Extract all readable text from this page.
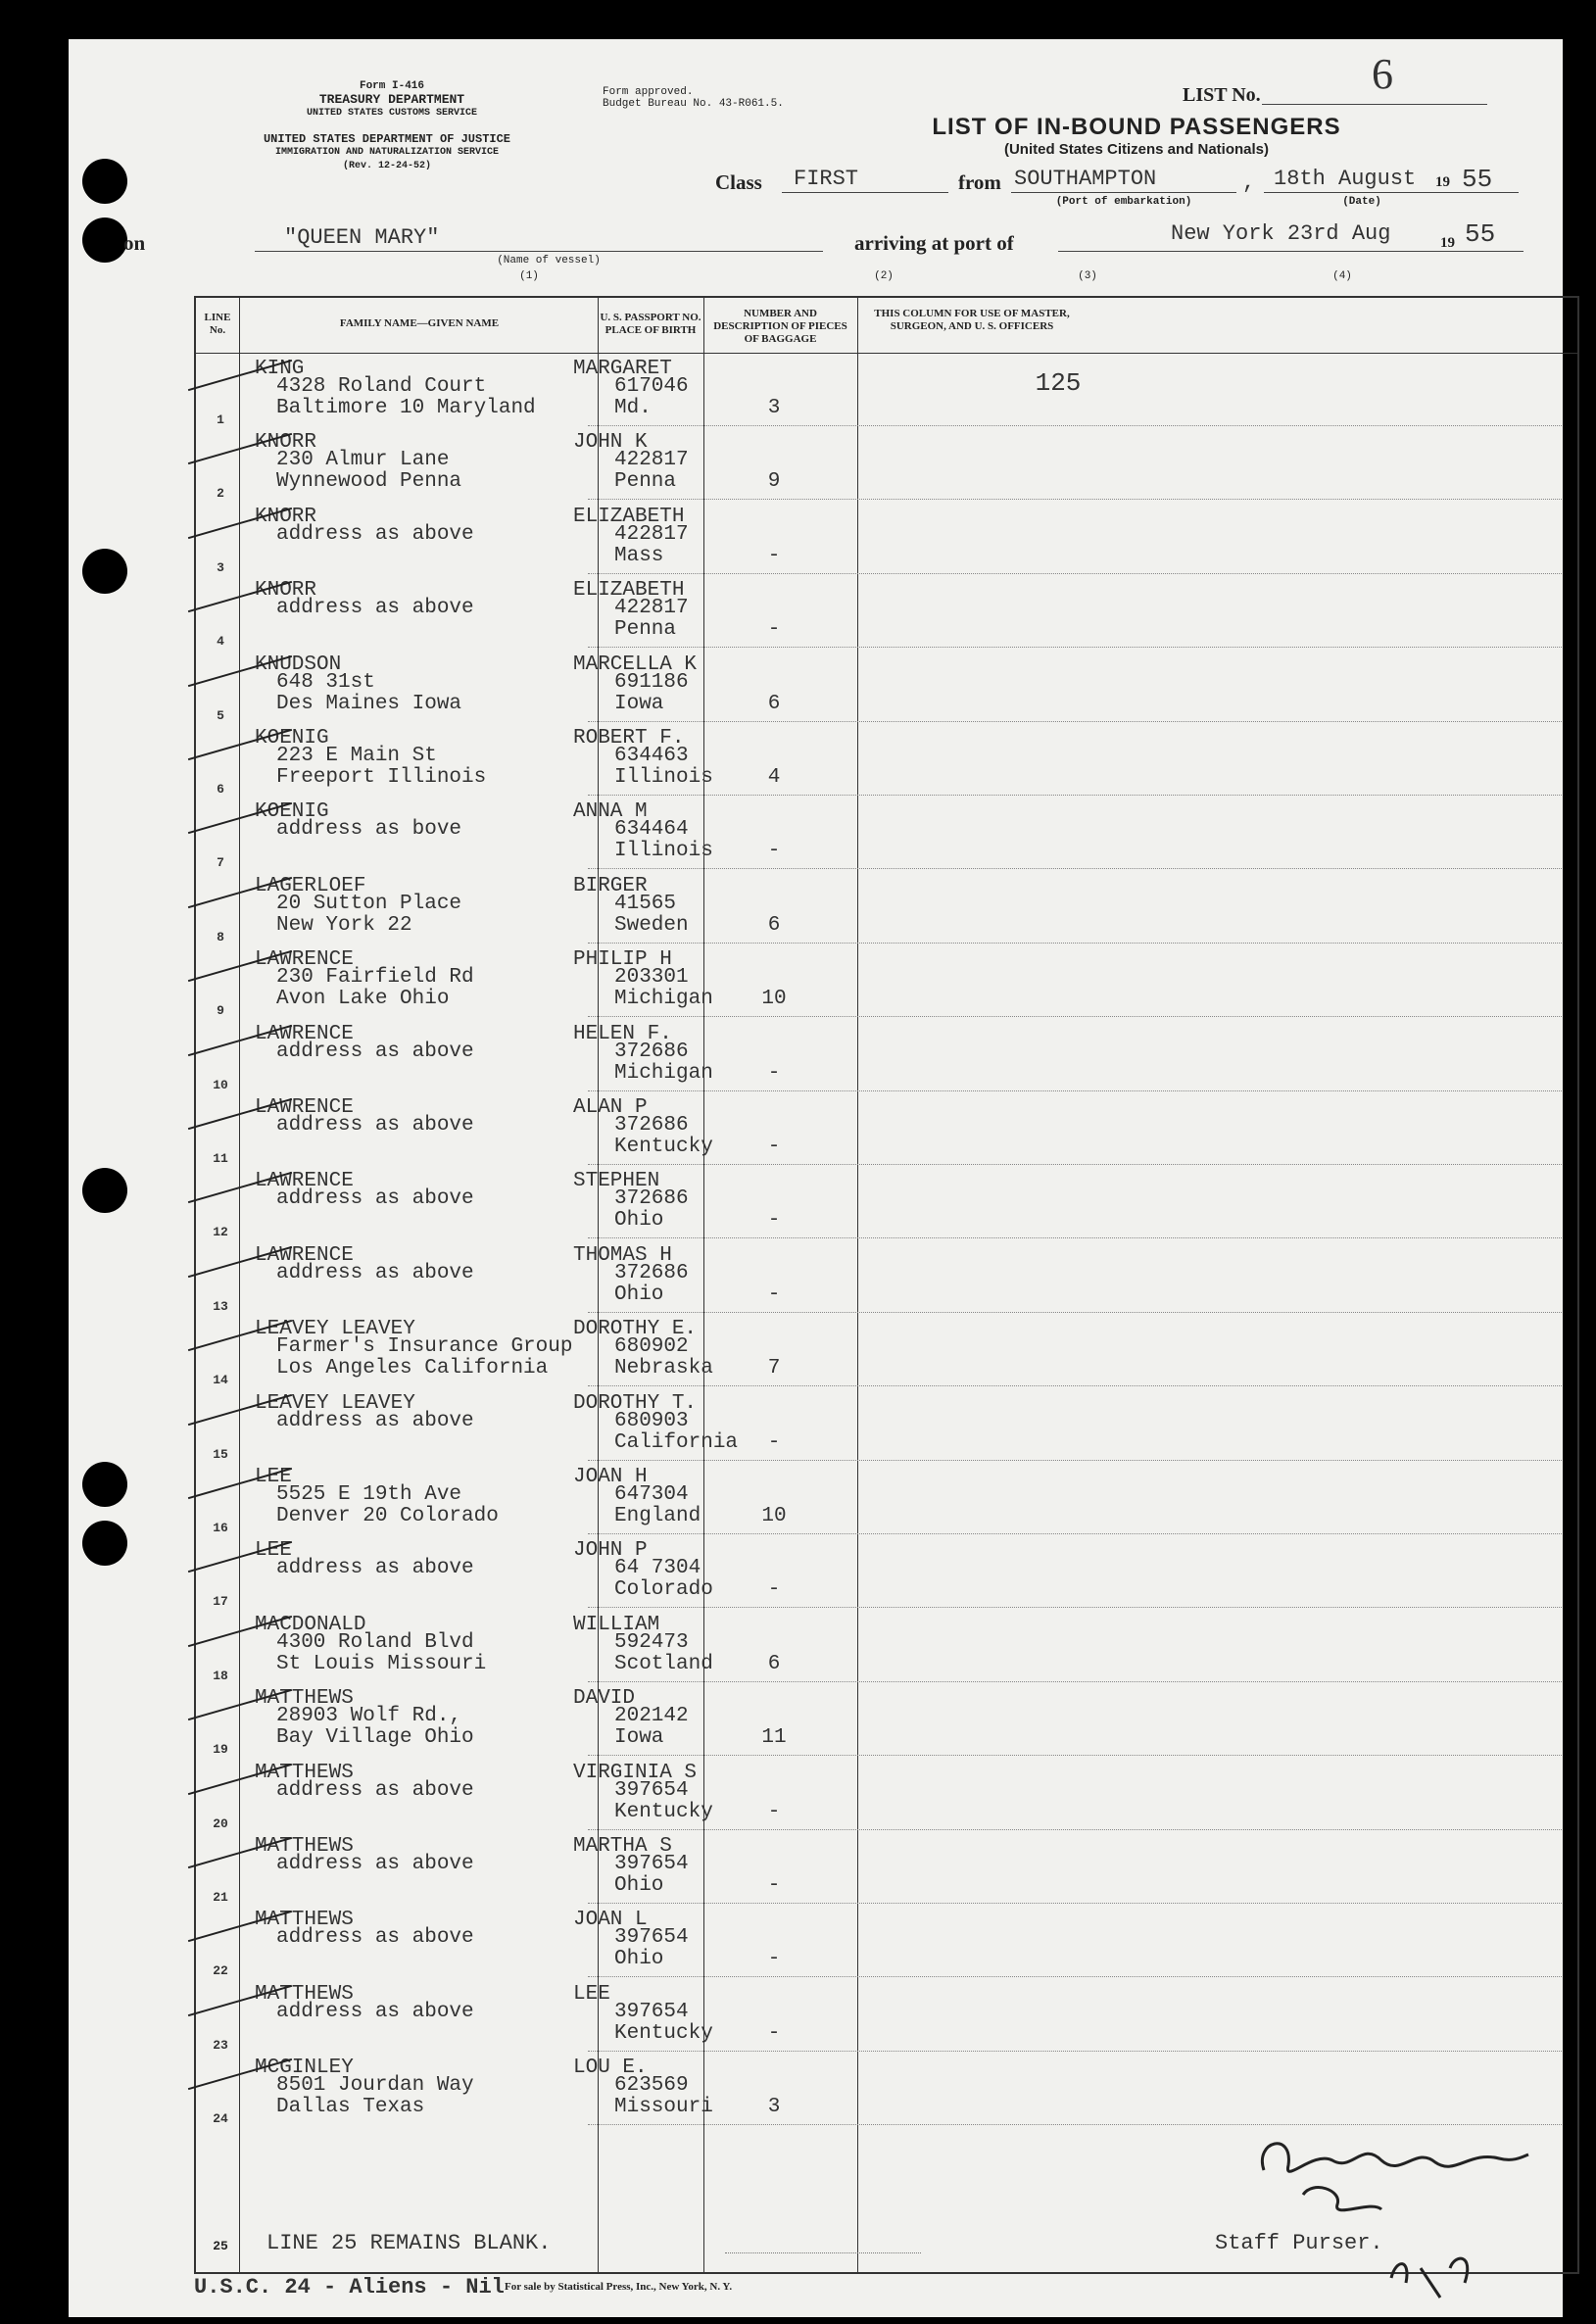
Form I-416
TREASURY DEPARTMENT
UNITED STATES CUSTOMS SERVICE
UNITED STATES DEPARTMENT OF JUSTICE
IMMIGRATION AND NATURALIZATION SERVICE
(Rev. 12-24-52)
Form approved.
Budget Bureau No. 43-R061.5.	LIST No.	6
LIST OF IN-BOUND PASSENGERS
(United States Citizens and Nationals)
Class FIRST	from SOUTHAMPTON
(Port of embarkation)
, 18th August 19 55
(Date)
on	"QUEEN MARY"
(Name of vessel)
arriving at port of	New York 23rd Aug	19 55
(1)	(2)	(3)	(4)
LINE No.
FAMILY NAME—GIVEN NAME	U. S. PASSPORT NO. PLACE OF BIRTH
NUMBER AND DESCRIPTION OF PIECES OF BAGGAGE
THIS COLUMN FOR USE OF MASTER, SURGEON, AND U. S. OFFICERS
1
KING	MARGARET
4328 Roland Court
Baltimore 10 Maryland
617046
Md.	3
125
2
KNORR	JOHN K
230 Almur Lane
Wynnewood Penna
422817
Penna	9
3
KNORR	ELIZABETH
address as above	422817
Mass	-
4
KNORR	ELIZABETH
address as above	422817
Penna	-
5
KNUDSON	MARCELLA K
648 31st
Des Maines Iowa
691186
Iowa	6
6
KOENIG	ROBERT F.
223 E Main St
Freeport Illinois
634463
Illinois	4
7
KOENIG	ANNA M
address as bove	634464
Illinois	-
8
LAGERLOEF	BIRGER
20 Sutton Place
New York 22
41565
Sweden	6
9
LAWRENCE	PHILIP H
230 Fairfield Rd
Avon Lake Ohio
203301
Michigan	10
10
LAWRENCE	HELEN F.
address as above	372686
Michigan	-
11
LAWRENCE	ALAN P
address as above	372686
Kentucky	-
12
LAWRENCE	STEPHEN
address as above	372686
Ohio	-
13
LAWRENCE	THOMAS H
address as above	372686
Ohio	-
14
LEAVEY LEAVEY	DOROTHY E.
Farmer's Insurance Group
Los Angeles California
680902
Nebraska	7
15
LEAVEY LEAVEY	DOROTHY T.
address as above	680903
California	-
16
LEE	JOAN H
5525 E 19th Ave
Denver 20 Colorado
647304
England	10
17
LEE	JOHN P
address as above	64 7304
Colorado	-
18
MACDONALD	WILLIAM
4300 Roland Blvd
St Louis Missouri
592473
Scotland	6
19
MATTHEWS	DAVID
28903 Wolf Rd.,
Bay Village Ohio
202142
Iowa	11
20
MATTHEWS	VIRGINIA S
address as above	397654
Kentucky	-
21
MATTHEWS	MARTHA S
address as above	397654
Ohio	-
22
MATTHEWS	JOAN L
address as above	397654
Ohio	-
23
MATTHEWS	LEE
address as above	397654
Kentucky	-
24
MCGINLEY	LOU E.
8501 Jourdan Way
Dallas Texas
623569
Missouri	3
25	LINE 25 REMAINS BLANK.	Staff Purser.
U.S.C. 24 - Aliens - Nil For sale by Statistical Press, Inc., New York, N. Y.
